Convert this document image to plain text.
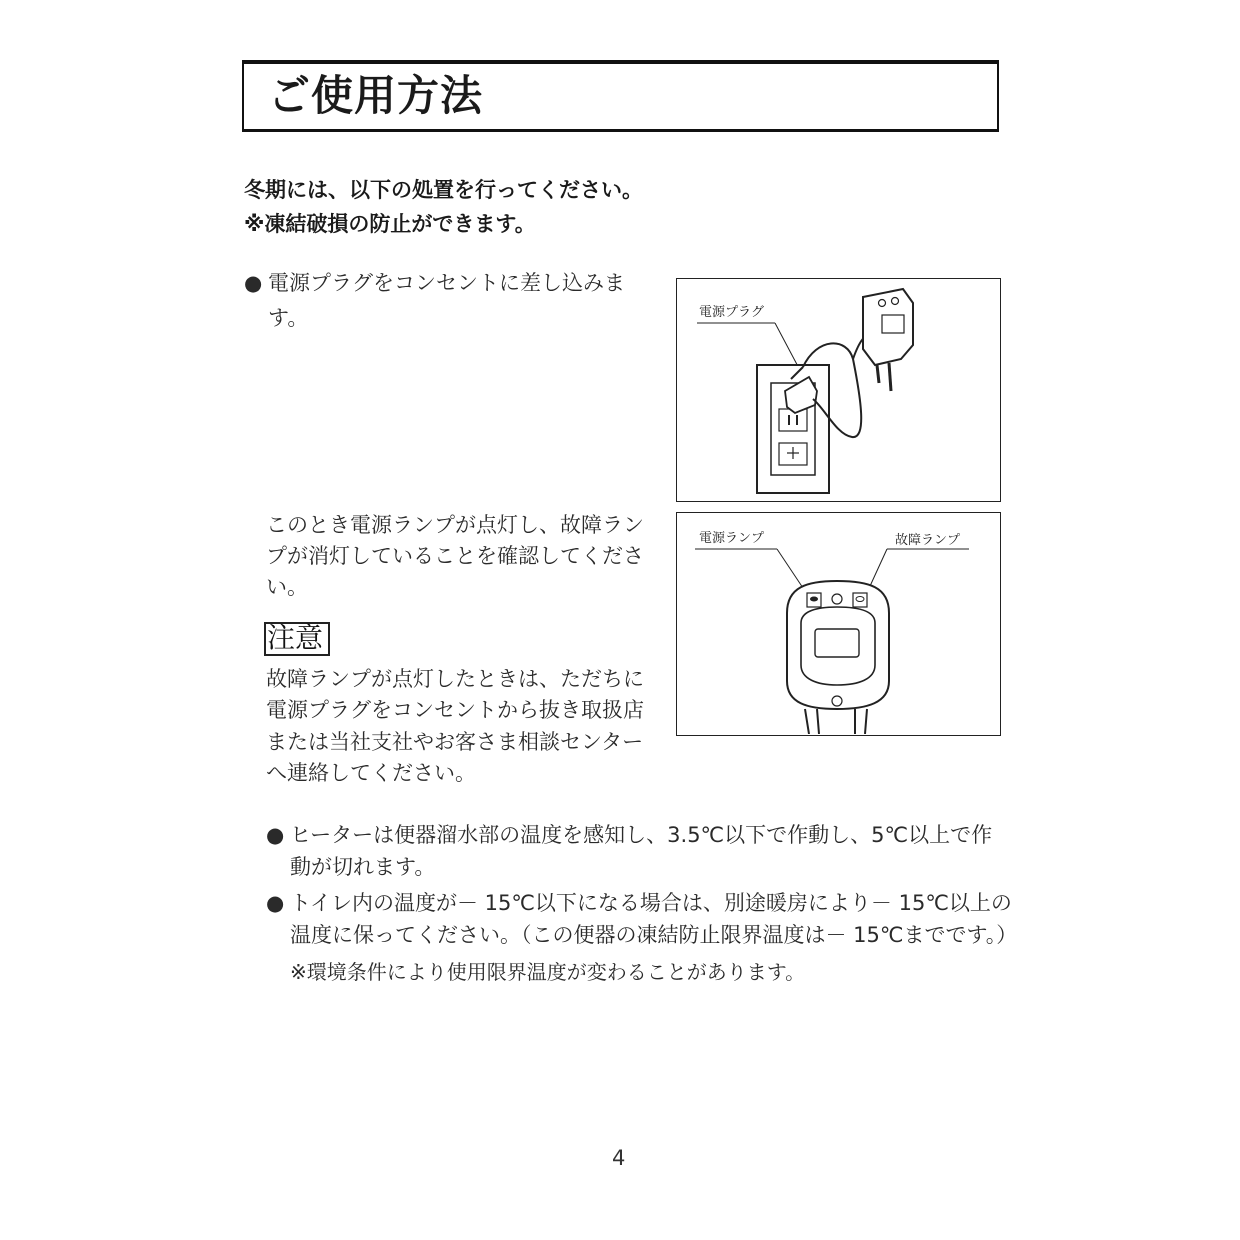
ご使用方法
冬期には、以下の処置を行ってください。
※凍結破損の防止ができます。
● 電源プラグをコンセントに差し込みま
す。	電源プラグ
このとき電源ランプが点灯し、故障ラン
プが消灯していることを確認してくださ
い。
電源ランプ	故障ランプ
注意
故障ランプが点灯したときは、ただちに
電源プラグをコンセントから抜き取扱店
または当社支社やお客さま相談センター
へ連絡してください。
● ヒーターは便器溜水部の温度を感知し、3.5℃以下で作動し、5℃以上で作
動が切れます。
● トイレ内の温度が－ 15℃以下になる場合は、別途暖房により－ 15℃以上の
温度に保ってください。（この便器の凍結防止限界温度は－ 15℃までです。）
※環境条件により使用限界温度が変わることがあります。
4
